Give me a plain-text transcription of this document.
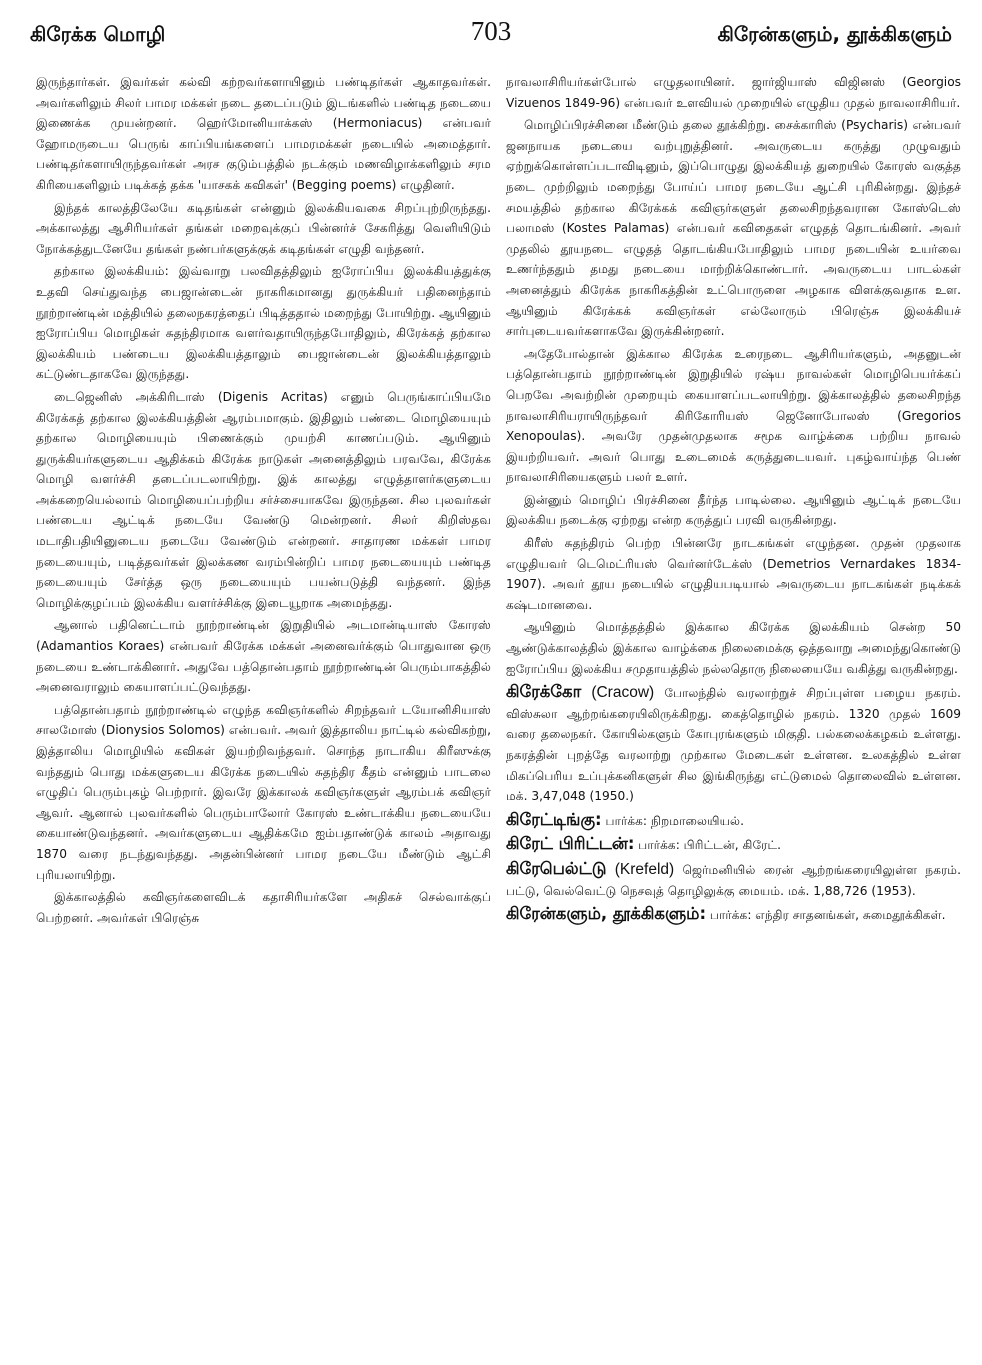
கிரேக்க மொழி	703	கிரேன்களும், தூக்கிகளும்

இருந்தார்கள். இவர்கள் கல்வி கற்றவர்களாயினும் பண்டிதர்கள் ஆகாதவர்கள். அவர்களிலும் சிலர் பாமர மக்கள் நடை தடைப்படும் இடங்களில் பண்டித நடையை இணைக்க முயன்றனர். ஹெர்மோனியாக்கஸ் (Hermoniacus) என்பவர் ஹோமருடைய பெருங் காப்பியங்களைப் பாமரமக்கள் நடையில் அமைத்தார். பண்டிதர்களாயிருந்தவர்கள் அரச குடும்பத்தில் நடக்கும் மணவிழாக்களிலும் சரம கிரியைகளிலும் படிக்கத் தக்க 'யாசகக் கவிகள்' (Begging poems) எழுதினர்.

இந்தக் காலத்திலேயே கடிதங்கள் என்னும் இலக்கியவகை சிறப்புற்றிருந்தது. அக்காலத்து ஆசிரியர்கள் தங்கள் மறைவுக்குப் பின்னர்ச் சேகரித்து வெளியிடும் நோக்கத்துடனேயே தங்கள் நண்பர்களுக்குக் கடிதங்கள் எழுதி வந்தனர்.

தற்கால இலக்கியம்: இவ்வாறு பலவிதத்திலும் ஐரோப்பிய இலக்கியத்துக்கு உதவி செய்துவந்த பைஜான்டைன் நாகரிகமானது துருக்கியர் பதினைந்தாம் நூற்றாண்டின் மத்தியில் தலைநகரத்தைப் பிடித்ததால் மறைந்து போயிற்று. ஆயினும் ஐரோப்பிய மொழிகள் சுதந்திரமாக வளர்வதாயிருந்தபோதிலும், கிரேக்கத் தற்கால இலக்கியம் பண்டைய இலக்கியத்தாலும் பைஜான்டைன் இலக்கியத்தாலும் கட்டுண்டதாகவே இருந்தது.

டைஜெனிஸ் அக்கிரிடாஸ் (Digenis Acritas) எனும் பெருங்காப்பியமே கிரேக்கத் தற்கால இலக்கியத்தின் ஆரம்பமாகும். இதிலும் பண்டை மொழியையும் தற்கால மொழியையும் பிணைக்கும் முயற்சி காணப்படும். ஆயினும் துருக்கியர்களுடைய ஆதிக்கம் கிரேக்க நாடுகள் அனைத்திலும் பரவவே, கிரேக்க மொழி வளர்ச்சி தடைப்படலாயிற்று. இக் காலத்து எழுத்தாளர்களுடைய அக்கறையெல்லாம் மொழியைப்பற்றிய சர்ச்சையாகவே இருந்தன. சில புலவர்கள் பண்டைய ஆட்டிக் நடையே வேண்டு மென்றனர். சிலர் கிறிஸ்தவ மடாதிபதியினுடைய நடையே வேண்டும் என்றனர். சாதாரண மக்கள் பாமர நடையையும், படித்தவர்கள் இலக்கண வரம்பின்றிப் பாமர நடையையும் பண்டித நடையையும் சேர்த்த ஒரு நடையையும் பயன்படுத்தி வந்தனர். இந்த மொழிக்குழப்பம் இலக்கிய வளர்ச்சிக்கு இடையூறாக அமைந்தது.

ஆனால் பதினெட்டாம் நூற்றாண்டின் இறுதியில் அடமான்டியாஸ் கோரஸ் (Adamantios Koraes) என்பவர் கிரேக்க மக்கள் அனைவர்க்கும் பொதுவான ஒரு நடையை உண்டாக்கினார். அதுவே பத்தொன்பதாம் நூற்றாண்டின் பெரும்பாகத்தில் அனைவராலும் கையாளப்பட்டுவந்தது.

பத்தொன்பதாம் நூற்றாண்டில் எழுந்த கவிஞர்களில் சிறந்தவர் டயோனிசியாஸ் சாலமோஸ் (Dionysios Solomos) என்பவர். அவர் இத்தாலிய நாட்டில் கல்விகற்று, இத்தாலிய மொழியில் கவிகள் இயற்றிவந்தவர். சொந்த நாடாகிய கிரீஸுக்கு வந்ததும் பொது மக்களுடைய கிரேக்க நடையில் சுதந்திர கீதம் என்னும் பாடலை எழுதிப் பெரும்புகழ் பெற்றார். இவரே இக்காலக் கவிஞர்களுள் ஆரம்பக் கவிஞர் ஆவர். ஆனால் புலவர்களில் பெரும்பாலோர் கோரஸ் உண்டாக்கிய நடையையே கையாண்டுவந்தனர். அவர்களுடைய ஆதிக்கமே ஐம்பதாண்டுக் காலம் அதாவது 1870 வரை நடந்துவந்தது. அதன்பின்னர் பாமர நடையே மீண்டும் ஆட்சி புரியலாயிற்று.

இக்காலத்தில் கவிஞர்களைவிடக் கதாசிரியர்களே அதிகச் செல்வாக்குப் பெற்றனர். அவர்கள் பிரெஞ்சு

நாவலாசிரியர்கள்போல் எழுதலாயினர். ஜார்ஜியாஸ் விஜினஸ் (Georgios Vizuenos 1849-96) என்பவர் உளவியல் முறையில் எழுதிய முதல் நாவலாசிரியர்.

மொழிப்பிரச்சினை மீண்டும் தலை தூக்கிற்று. சைக்காரிஸ் (Psycharis) என்பவர் ஜனநாயக நடையை வற்புறுத்தினர். அவருடைய கருத்து முழுவதும் ஏற்றுக்கொள்ளப்படாவிடினும், இப்பொழுது இலக்கியத் துறையில் கோரஸ் வகுத்த நடை முற்றிலும் மறைந்து போய்ப் பாமர நடையே ஆட்சி புரிகின்றது. இந்தச் சமயத்தில் தற்கால கிரேக்கக் கவிஞர்களுள் தலைசிறந்தவரான கோஸ்டெஸ் பலாமஸ் (Kostes Palamas) என்பவர் கவிதைகள் எழுதத் தொடங்கினர். அவர் முதலில் தூயநடை எழுதத் தொடங்கியபோதிலும் பாமர நடையின் உயர்வை உணர்ந்ததும் தமது நடையை மாற்றிக்கொண்டார். அவருடைய பாடல்கள் அனைத்தும் கிரேக்க நாகரிகத்தின் உட்பொருளை அழகாக விளக்குவதாக உள. ஆயினும் கிரேக்கக் கவிஞர்கள் எல்லோரும் பிரெஞ்சு இலக்கியச் சார்புடையவர்களாகவே இருக்கின்றனர்.

அதேபோல்தான் இக்கால கிரேக்க உரைநடை ஆசிரியர்களும், அதனுடன் பத்தொன்பதாம் நூற்றாண்டின் இறுதியில் ரஷ்ய நாவல்கள் மொழிபெயர்க்கப் பெறவே அவற்றின் முறையும் கையாளப்படலாயிற்று. இக்காலத்தில் தலைசிறந்த நாவலாசிரியராயிருந்தவர் கிரிகோரியஸ் ஜெனோபோலஸ் (Gregorios Xenopoulas). அவரே முதன்முதலாக சமூக வாழ்க்கை பற்றிய நாவல் இயற்றியவர். அவர் பொது உடைமைக் கருத்துடையவர். புகழ்வாய்ந்த பெண் நாவலாசிரியைகளும் பலர் உளர்.

இன்னும் மொழிப் பிரச்சினை தீர்ந்த பாடில்லை. ஆயினும் ஆட்டிக் நடையே இலக்கிய நடைக்கு ஏற்றது என்ற கருத்துப் பரவி வருகின்றது.

கிரீஸ் சுதந்திரம் பெற்ற பின்னரே நாடகங்கள் எழுந்தன. முதன் முதலாக எழுதியவர் டெமெட்ரியஸ் வெர்னர்டேக்ஸ் (Demetrios Vernardakes 1834-1907). அவர் தூய நடையில் எழுதியபடியால் அவருடைய நாடகங்கள் நடிக்கக் கஷ்டமானவை.

ஆயினும் மொத்தத்தில் இக்கால கிரேக்க இலக்கியம் சென்ற 50 ஆண்டுக்காலத்தில் இக்கால வாழ்க்கை நிலைமைக்கு ஒத்தவாறு அமைந்துகொண்டு ஐரோப்பிய இலக்கிய சமுதாயத்தில் நல்லதொரு நிலையையே வகித்து வருகின்றது.

கிரேக்கோ (Cracow) போலந்தில் வரலாற்றுச் சிறப்புள்ள பழைய நகரம். விஸ்சுலா ஆற்றங்கரையிலிருக்கிறது. கைத்தொழில் நகரம். 1320 முதல் 1609 வரை தலைநகர். கோயில்களும் கோபுரங்களும் மிகுதி. பல்கலைக்கழகம் உள்ளது. நகரத்தின் புறத்தே வரலாற்று முற்கால மேடைகள் உள்ளன. உலகத்தில் உள்ள மிகப்பெரிய உப்புக்கனிகளுள் சில இங்கிருந்து எட்டுமைல் தொலைவில் உள்ளன. மக். 3,47,048 (1950.)

கிரேட்டிங்கு: பார்க்க: நிறமாலையியல்.

கிரேட் பிரிட்டன்: பார்க்க: பிரிட்டன், கிரேட்.

கிரேபெல்ட்டு (Krefeld) ஜெர்மனியில் ரைன் ஆற்றங்கரையிலுள்ள நகரம். பட்டு, வெல்வெட்டு நெசவுத் தொழிலுக்கு மையம். மக். 1,88,726 (1953).

கிரேன்களும், தூக்கிகளும்: பார்க்க: எந்திர சாதனங்கள், சுமைதூக்கிகள்.
